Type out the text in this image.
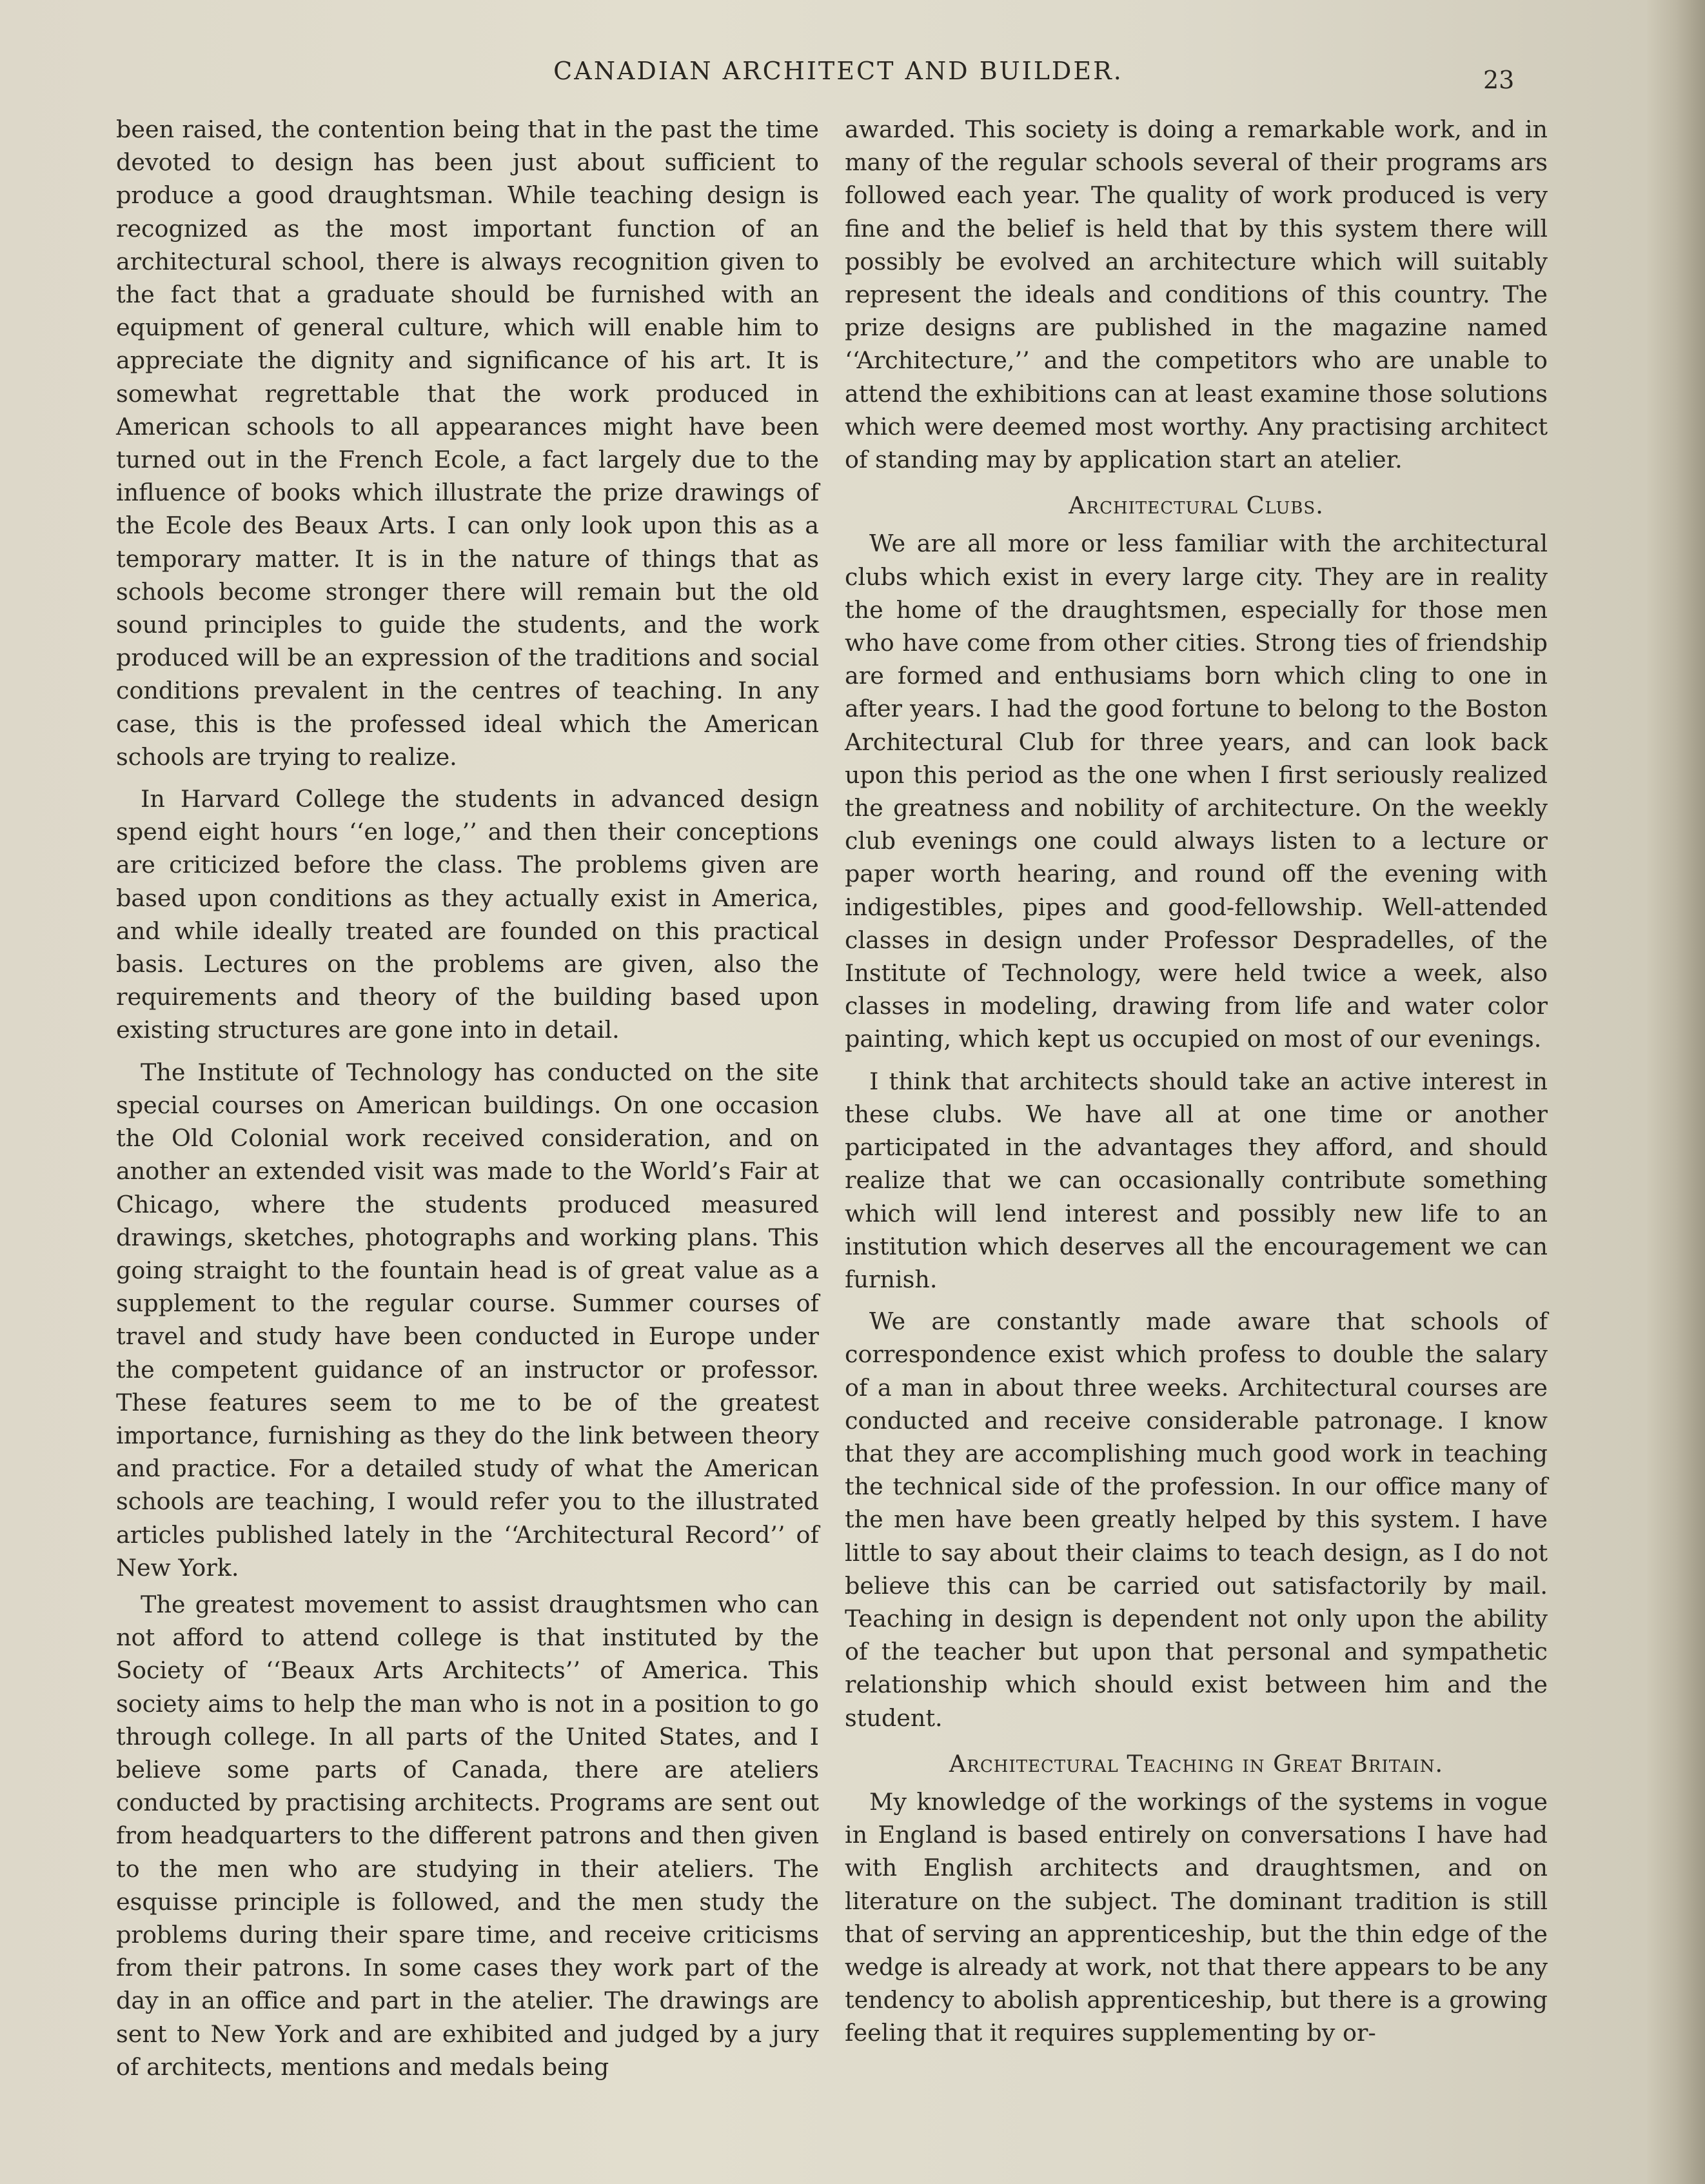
CANADIAN ARCHITECT AND BUILDER.	23

been raised, the contention being that in the past the time devoted to design has been just about sufficient to produce a good draughtsman. While teaching design is recognized as the most important function of an architectural school, there is always recognition given to the fact that a graduate should be furnished with an equipment of general culture, which will enable him to appreciate the dignity and significance of his art. It is somewhat regrettable that the work produced in American schools to all appearances might have been turned out in the French Ecole, a fact largely due to the influence of books which illustrate the prize drawings of the Ecole des Beaux Arts. I can only look upon this as a temporary matter. It is in the nature of things that as schools become stronger there will remain but the old sound principles to guide the students, and the work produced will be an expression of the traditions and social conditions prevalent in the centres of teaching. In any case, this is the professed ideal which the American schools are trying to realize.

In Harvard College the students in advanced design spend eight hours ‘‘en loge,’’ and then their conceptions are criticized before the class. The problems given are based upon conditions as they actually exist in America, and while ideally treated are founded on this practical basis. Lectures on the problems are given, also the requirements and theory of the building based upon existing structures are gone into in detail.

The Institute of Technology has conducted on the site special courses on American buildings. On one occasion the Old Colonial work received consideration, and on another an extended visit was made to the World’s Fair at Chicago, where the students produced measured drawings, sketches, photographs and working plans. This going straight to the fountain head is of great value as a supplement to the regular course. Summer courses of travel and study have been conducted in Europe under the competent guidance of an instructor or professor. These features seem to me to be of the greatest importance, furnishing as they do the link between theory and practice. For a detailed study of what the American schools are teaching, I would refer you to the illustrated articles published lately in the ‘‘Architectural Record’’ of New York.

The greatest movement to assist draughtsmen who can not afford to attend college is that instituted by the Society of ‘‘Beaux Arts Architects’’ of America. This society aims to help the man who is not in a position to go through college. In all parts of the United States, and I believe some parts of Canada, there are ateliers conducted by practising architects. Programs are sent out from headquarters to the different patrons and then given to the men who are studying in their ateliers. The esquisse principle is followed, and the men study the problems during their spare time, and receive criticisms from their patrons. In some cases they work part of the day in an office and part in the atelier. The drawings are sent to New York and are exhibited and judged by a jury of architects, mentions and medals being

awarded. This society is doing a remarkable work, and in many of the regular schools several of their programs ars followed each year. The quality of work produced is very fine and the belief is held that by this system there will possibly be evolved an architecture which will suitably represent the ideals and conditions of this country. The prize designs are published in the magazine named ‘‘Architecture,’’ and the competitors who are unable to attend the exhibitions can at least examine those solutions which were deemed most worthy. Any practising architect of standing may by application start an atelier.

Architectural Clubs.

We are all more or less familiar with the architectural clubs which exist in every large city. They are in reality the home of the draughtsmen, especially for those men who have come from other cities. Strong ties of friendship are formed and enthusiams born which cling to one in after years. I had the good fortune to belong to the Boston Architectural Club for three years, and can look back upon this period as the one when I first seriously realized the greatness and nobility of architecture. On the weekly club evenings one could always listen to a lecture or paper worth hearing, and round off the evening with indigestibles, pipes and good-fellowship. Well-attended classes in design under Professor Despradelles, of the Institute of Technology, were held twice a week, also classes in modeling, drawing from life and water color painting, which kept us occupied on most of our evenings.

I think that architects should take an active interest in these clubs. We have all at one time or another participated in the advantages they afford, and should realize that we can occasionally contribute something which will lend interest and possibly new life to an institution which deserves all the encouragement we can furnish.

We are constantly made aware that schools of correspondence exist which profess to double the salary of a man in about three weeks. Architectural courses are conducted and receive considerable patronage. I know that they are accomplishing much good work in teaching the technical side of the profession. In our office many of the men have been greatly helped by this system. I have little to say about their claims to teach design, as I do not believe this can be carried out satisfactorily by mail. Teaching in design is dependent not only upon the ability of the teacher but upon that personal and sympathetic relationship which should exist between him and the student.

Architectural Teaching in Great Britain.

My knowledge of the workings of the systems in vogue in England is based entirely on conversations I have had with English architects and draughtsmen, and on literature on the subject. The dominant tradition is still that of serving an apprenticeship, but the thin edge of the wedge is already at work, not that there appears to be any tendency to abolish apprenticeship, but there is a growing feeling that it requires supplementing by or-
